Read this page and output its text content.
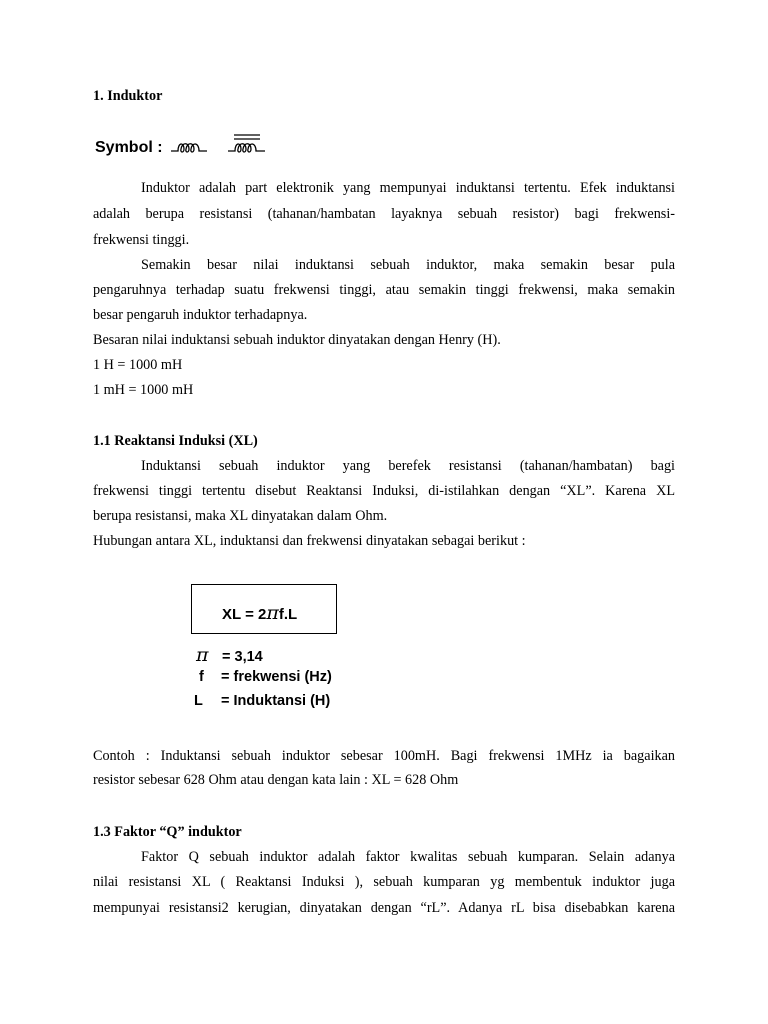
1. Induktor
Symbol :
Induktor adalah part elektronik yang mempunyai induktansi tertentu. Efek induktansi
adalah berupa resistansi (tahanan/hambatan layaknya sebuah resistor) bagi frekwensi-
frekwensi tinggi.
Semakin besar nilai induktansi sebuah induktor, maka semakin besar pula
pengaruhnya terhadap suatu frekwensi tinggi, atau semakin tinggi frekwensi, maka semakin
besar pengaruh induktor terhadapnya.
Besaran nilai induktansi sebuah induktor dinyatakan dengan Henry (H).
1 H = 1000 mH
1 mH = 1000 mH
1.1 Reaktansi Induksi (XL)
Induktansi sebuah induktor yang berefek resistansi (tahanan/hambatan) bagi
frekwensi tinggi tertentu disebut Reaktansi Induksi, di-istilahkan dengan “XL”. Karena XL
berupa resistansi, maka XL dinyatakan dalam Ohm.
Hubungan antara XL, induktansi dan frekwensi dinyatakan sebagai berikut :
XL = 2πf.L
π = 3,14
f = frekwensi (Hz)
L = Induktansi (H)
Contoh : Induktansi sebuah induktor sebesar 100mH. Bagi frekwensi 1MHz ia bagaikan
resistor sebesar 628 Ohm atau dengan kata lain : XL = 628 Ohm
1.3 Faktor “Q” induktor
Faktor Q sebuah induktor adalah faktor kwalitas sebuah kumparan. Selain adanya
nilai resistansi XL ( Reaktansi Induksi ), sebuah kumparan yg membentuk induktor juga
mempunyai resistansi2 kerugian, dinyatakan dengan “rL”. Adanya rL bisa disebabkan karena
